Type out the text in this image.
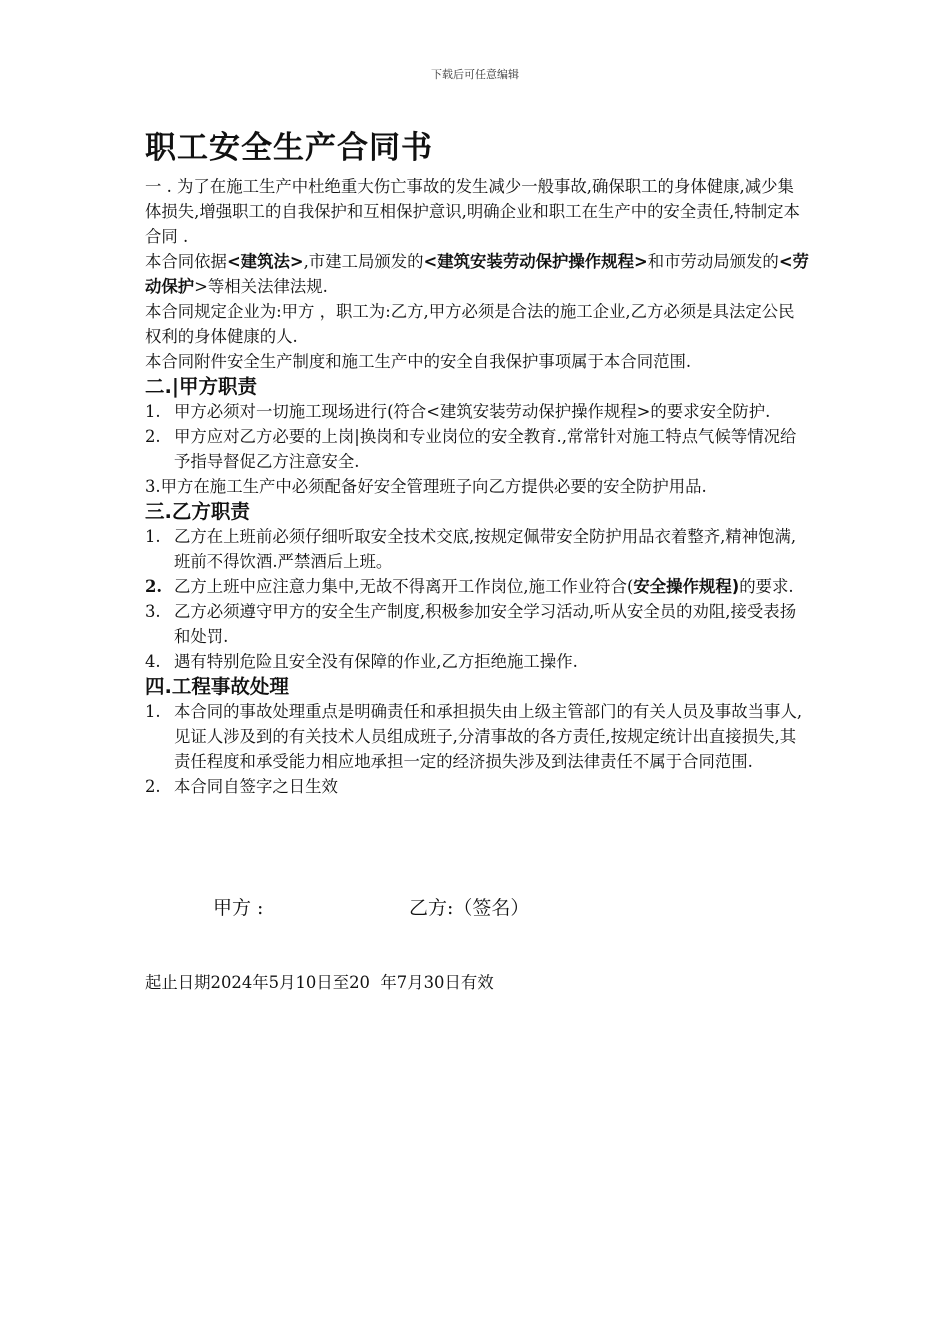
下载后可任意编辑
职工安全生产合同书

一 . 为了在施工生产中杜绝重大伤亡事故的发生减少一般事故,确保职工的身体健康,减少集体损失,增强职工的自我保护和互相保护意识,明确企业和职工在生产中的安全责任,特制定本合同 .

本合同依据<建筑法>,市建工局颁发的<建筑安装劳动保护操作规程>和市劳动局颁发的<劳动保护>等相关法律法规.

本合同规定企业为:甲方 ，职工为:乙方,甲方必须是合法的施工企业,乙方必须是具法定公民权利的身体健康的人.

本合同附件安全生产制度和施工生产中的安全自我保护事项属于本合同范围.

二.|甲方职责
1. 甲方必须对一切施工现场进行(符合<建筑安装劳动保护操作规程>的要求安全防护.
2. 甲方应对乙方必要的上岗|换岗和专业岗位的安全教育.,常常针对施工特点气候等情况给予指导督促乙方注意安全.

3.甲方在施工生产中必须配备好安全管理班子向乙方提供必要的安全防护用品.

三.乙方职责
1. 乙方在上班前必须仔细听取安全技术交底,按规定佩带安全防护用品衣着整齐,精神饱满,班前不得饮酒.严禁酒后上班。
2. 乙方上班中应注意力集中,无故不得离开工作岗位,施工作业符合(安全操作规程)的要求.
3. 乙方必须遵守甲方的安全生产制度,积极参加安全学习活动,听从安全员的劝阻,接受表扬和处罚.
4. 遇有特别危险且安全没有保障的作业,乙方拒绝施工操作.
四.工程事故处理
1. 本合同的事故处理重点是明确责任和承担损失由上级主管部门的有关人员及事故当事人,见证人涉及到的有关技术人员组成班子,分清事故的各方责任,按规定统计出直接损失,其责任程度和承受能力相应地承担一定的经济损失涉及到法律责任不属于合同范围.
2. 本合同自签字之日生效
甲方 :	乙方:（签名）
起止日期2024年5月10日至20  年7月30日有效
